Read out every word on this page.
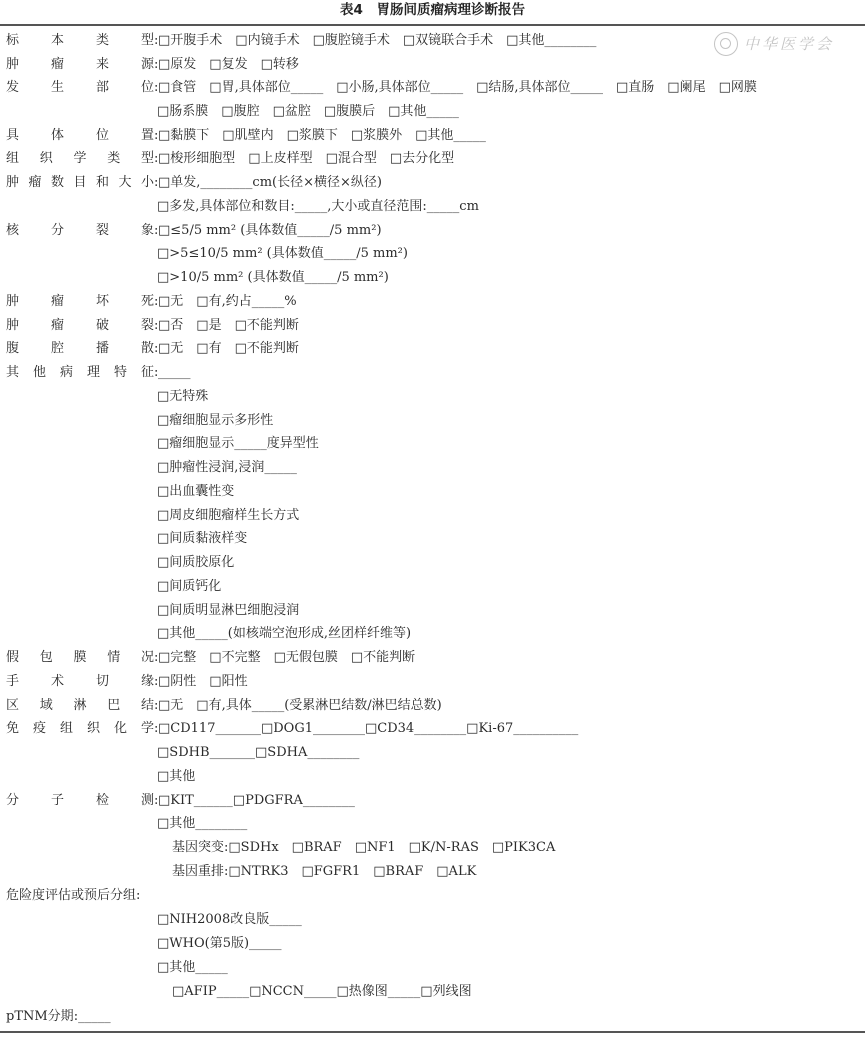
表4　胃肠间质瘤病理诊断报告
中华医学会
标　本　类　型:□开腹手术　□内镜手术　□腹腔镜手术　□双镜联合手术　□其他________
肿　瘤　来　源:□原发　□复发　□转移
发　生　部　位:□食管　□胃,具体部位_____　□小肠,具体部位_____　□结肠,具体部位_____　□直肠　□阑尾　□网膜
□肠系膜　□腹腔　□盆腔　□腹膜后　□其他_____
具　体　位　置:□黏膜下　□肌壁内　□浆膜下　□浆膜外　□其他_____
组 织 学 类 型:□梭形细胞型　□上皮样型　□混合型　□去分化型
肿瘤数目和大小:□单发,________cm(长径×横径×纵径)
□多发,具体部位和数目:_____,大小或直径范围:_____cm
核　分　裂　象:□≤5/5 mm² (具体数值_____/5 mm²)
□>5≤10/5 mm² (具体数值_____/5 mm²)
□>10/5 mm² (具体数值_____/5 mm²)
肿　瘤　坏　死:□无　□有,约占_____%
肿　瘤　破　裂:□否　□是　□不能判断
腹　腔　播　散:□无　□有　□不能判断
其 他 病 理 特 征:_____
□无特殊
□瘤细胞显示多形性
□瘤细胞显示_____度异型性
□肿瘤性浸润,浸润_____
□出血囊性变
□周皮细胞瘤样生长方式
□间质黏液样变
□间质胶原化
□间质钙化
□间质明显淋巴细胞浸润
□其他_____(如核端空泡形成,丝团样纤维等)
假　包　膜　情　况:□完整　□不完整　□无假包膜　□不能判断
手　术　切　缘:□阴性　□阳性
区　域　淋　巴　结:□无　□有,具体_____(受累淋巴结数/淋巴结总数)
免 疫 组 织 化 学:□CD117_______□DOG1________□CD34________□Ki-67__________
□SDHB_______□SDHA________
□其他
分　子　检　测:□KIT______□PDGFRA________
□其他________
基因突变:□SDHx　□BRAF　□NF1　□K/N-RAS　□PIK3CA
基因重排:□NTRK3　□FGFR1　□BRAF　□ALK
危险度评估或预后分组:
□NIH2008改良版_____
□WHO(第5版)_____
□其他_____
□AFIP_____□NCCN_____□热像图_____□列线图
pTNM分期:_____
